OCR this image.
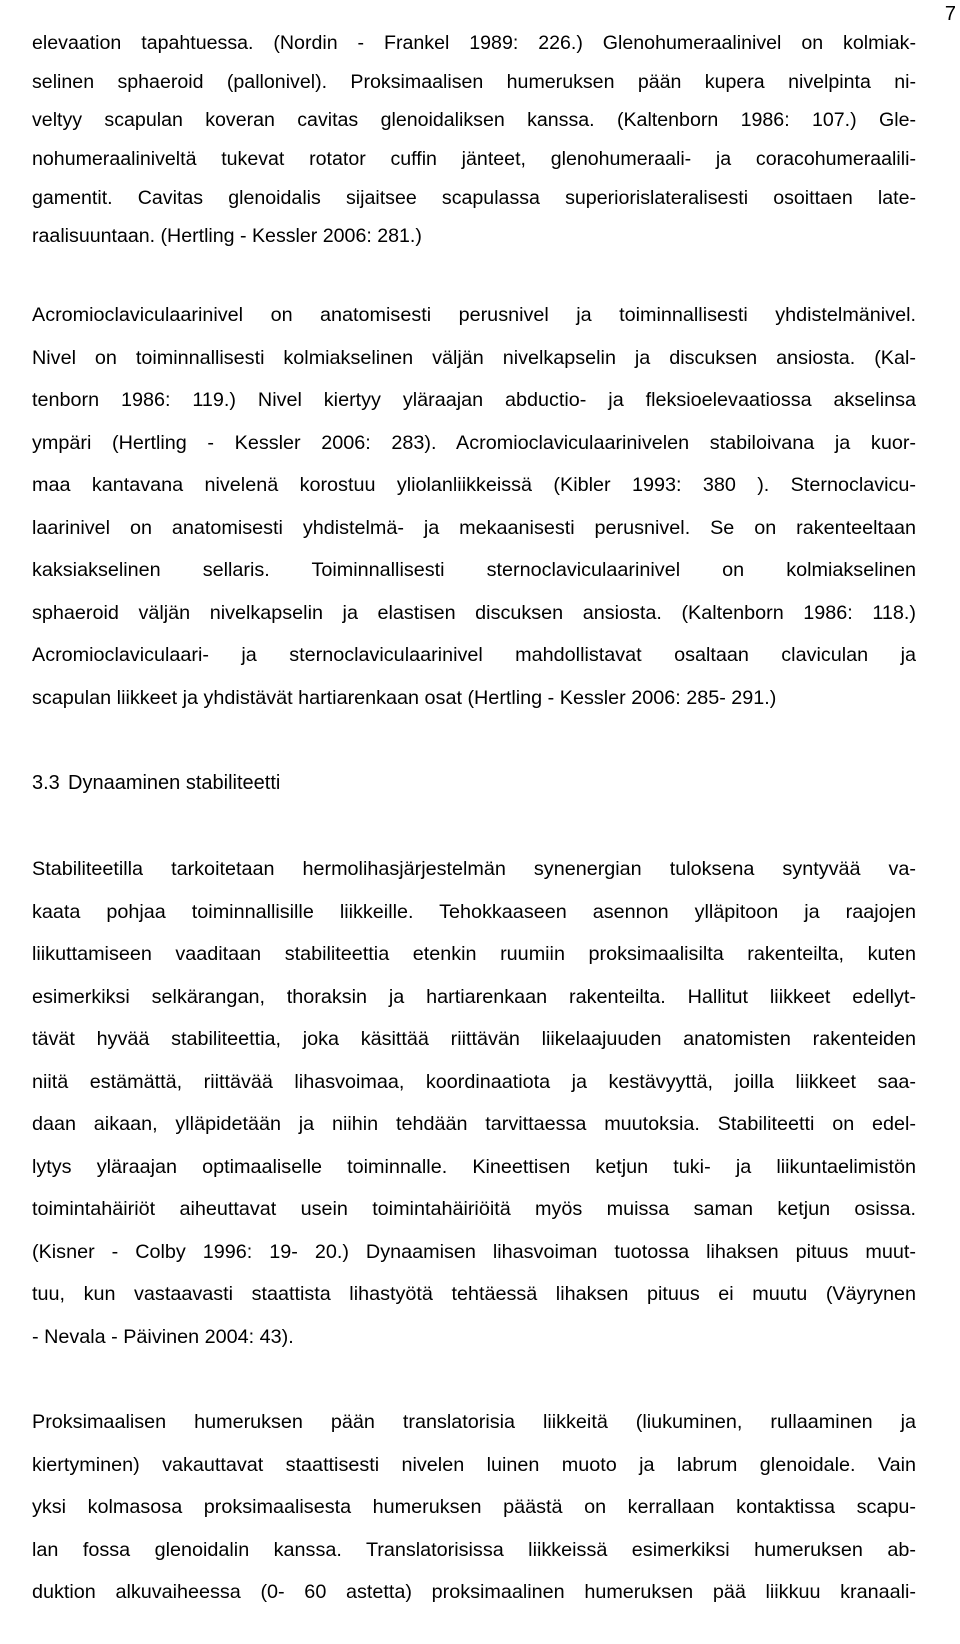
7
elevaation tapahtuessa. (Nordin - Frankel 1989: 226.) Glenohumeraalinivel on kolmiak-
selinen sphaeroid (pallonivel). Proksimaalisen humeruksen pään kupera nivelpinta ni-
veltyy scapulan koveran cavitas glenoidaliksen kanssa. (Kaltenborn 1986: 107.) Gle-
nohumeraaliniveltä tukevat rotator cuffin jänteet, glenohumeraali- ja coracohumeraalili-
gamentit. Cavitas glenoidalis sijaitsee scapulassa superiorislateralisesti osoittaen late-
raalisuuntaan. (Hertling - Kessler 2006: 281.)
Acromioclaviculaarinivel on anatomisesti perusnivel ja toiminnallisesti yhdistelmänivel.
Nivel on toiminnallisesti kolmiakselinen väljän nivelkapselin ja discuksen ansiosta. (Kal-
tenborn 1986: 119.) Nivel kiertyy yläraajan abductio- ja fleksioelevaatiossa akselinsa
ympäri (Hertling - Kessler 2006: 283). Acromioclaviculaarinivelen stabiloivana ja kuor-
maa kantavana nivelenä korostuu yliolanliikkeissä (Kibler 1993: 380 ). Sternoclavicu-
laarinivel on anatomisesti yhdistelmä- ja mekaanisesti perusnivel. Se on rakenteeltaan
kaksiakselinen sellaris. Toiminnallisesti sternoclaviculaarinivel on kolmiakselinen
sphaeroid väljän nivelkapselin ja elastisen discuksen ansiosta. (Kaltenborn 1986: 118.)
Acromioclaviculaari- ja sternoclaviculaarinivel mahdollistavat osaltaan claviculan ja
scapulan liikkeet ja yhdistävät hartiarenkaan osat (Hertling - Kessler 2006: 285- 291.)
3.3 Dynaaminen stabiliteetti
Stabiliteetilla tarkoitetaan hermolihasjärjestelmän synenergian tuloksena syntyvää va-
kaata pohjaa toiminnallisille liikkeille. Tehokkaaseen asennon ylläpitoon ja raajojen
liikuttamiseen vaaditaan stabiliteettia etenkin ruumiin proksimaalisilta rakenteilta, kuten
esimerkiksi selkärangan, thoraksin ja hartiarenkaan rakenteilta. Hallitut liikkeet edellyt-
tävät hyvää stabiliteettia, joka käsittää riittävän liikelaajuuden anatomisten rakenteiden
niitä estämättä, riittävää lihasvoimaa, koordinaatiota ja kestävyyttä, joilla liikkeet saa-
daan aikaan, ylläpidetään ja niihin tehdään tarvittaessa muutoksia. Stabiliteetti on edel-
lytys yläraajan optimaaliselle toiminnalle. Kineettisen ketjun tuki- ja liikuntaelimistön
toimintahäiriöt aiheuttavat usein toimintahäiriöitä myös muissa saman ketjun osissa.
(Kisner - Colby 1996: 19- 20.) Dynaamisen lihasvoiman tuotossa lihaksen pituus muut-
tuu, kun vastaavasti staattista lihastyötä tehtäessä lihaksen pituus ei muutu (Väyrynen
- Nevala - Päivinen 2004: 43).
Proksimaalisen humeruksen pään translatorisia liikkeitä (liukuminen, rullaaminen ja
kiertyminen) vakauttavat staattisesti nivelen luinen muoto ja labrum glenoidale. Vain
yksi kolmasosa proksimaalisesta humeruksen päästä on kerrallaan kontaktissa scapu-
lan fossa glenoidalin kanssa. Translatorisissa liikkeissä esimerkiksi humeruksen ab-
duktion alkuvaiheessa (0- 60 astetta) proksimaalinen humeruksen pää liikkuu kranaali-
